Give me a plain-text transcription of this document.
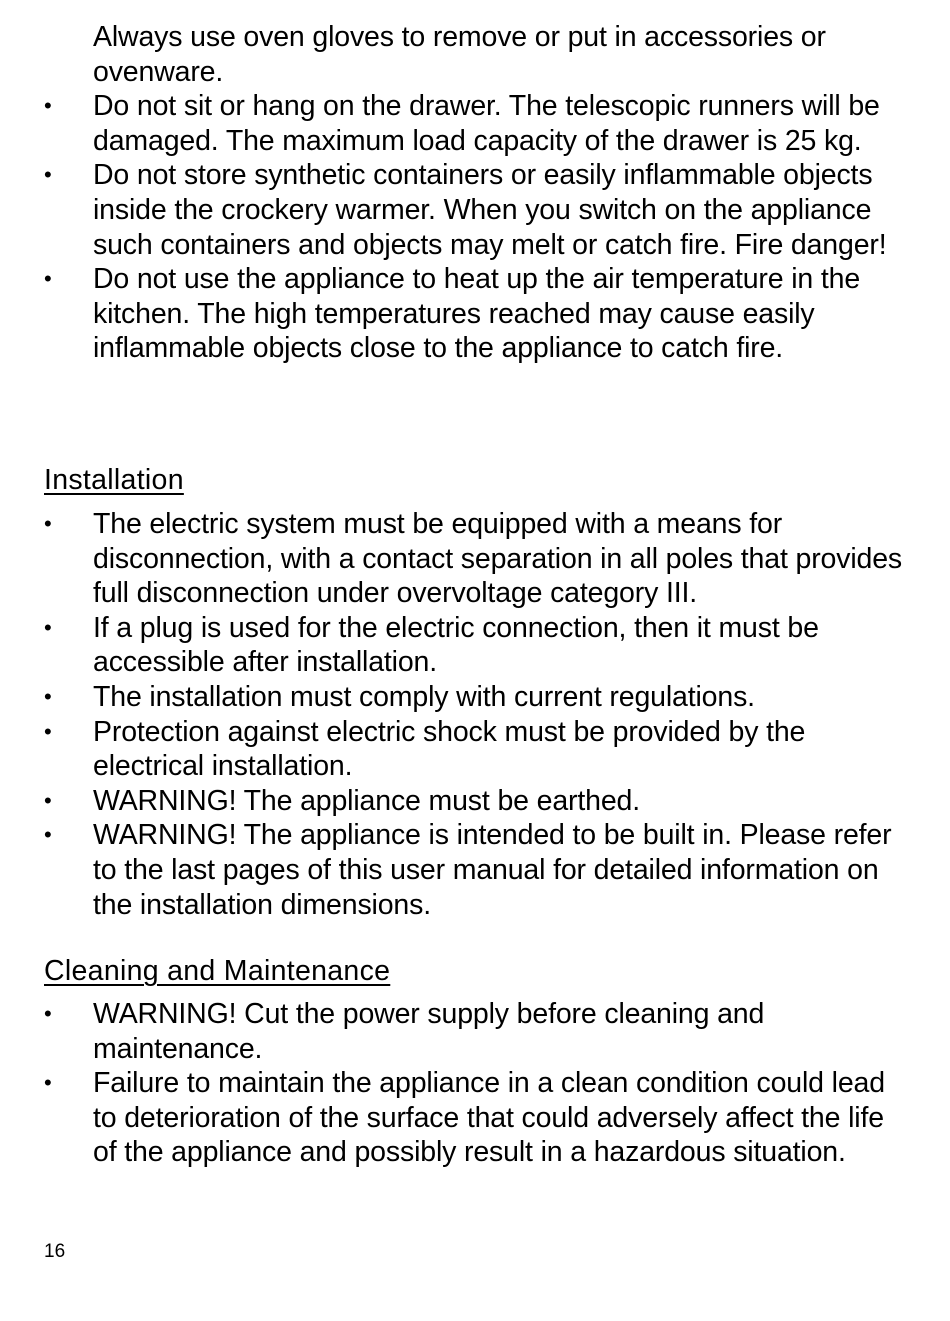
Always use oven gloves to remove or put in accessories or ovenware.
• Do not sit or hang on the drawer. The telescopic runners will be damaged. The maximum load capacity of the drawer is 25 kg.
• Do not store synthetic containers or easily inflammable objects inside the crockery warmer. When you switch on the appliance such containers and objects may melt or catch fire. Fire danger!
• Do not use the appliance to heat up the air temperature in the kitchen. The high temperatures reached may cause easily inflammable objects close to the appliance to catch fire.
Installation
• The electric system must be equipped with a means for disconnection, with a contact separation in all poles that provides full disconnection under overvoltage category III.
• If a plug is used for the electric connection, then it must be accessible after installation.
• The installation must comply with current regulations.
• Protection against electric shock must be provided by the electrical installation.
• WARNING! The appliance must be earthed.
• WARNING! The appliance is intended to be built in. Please refer to the last pages of this user manual for detailed information on the installation dimensions.
Cleaning and Maintenance
• WARNING! Cut the power supply before cleaning and maintenance.
• Failure to maintain the appliance in a clean condition could lead to deterioration of the surface that could adversely affect the life of the appliance and possibly result in a hazardous situation.
16
